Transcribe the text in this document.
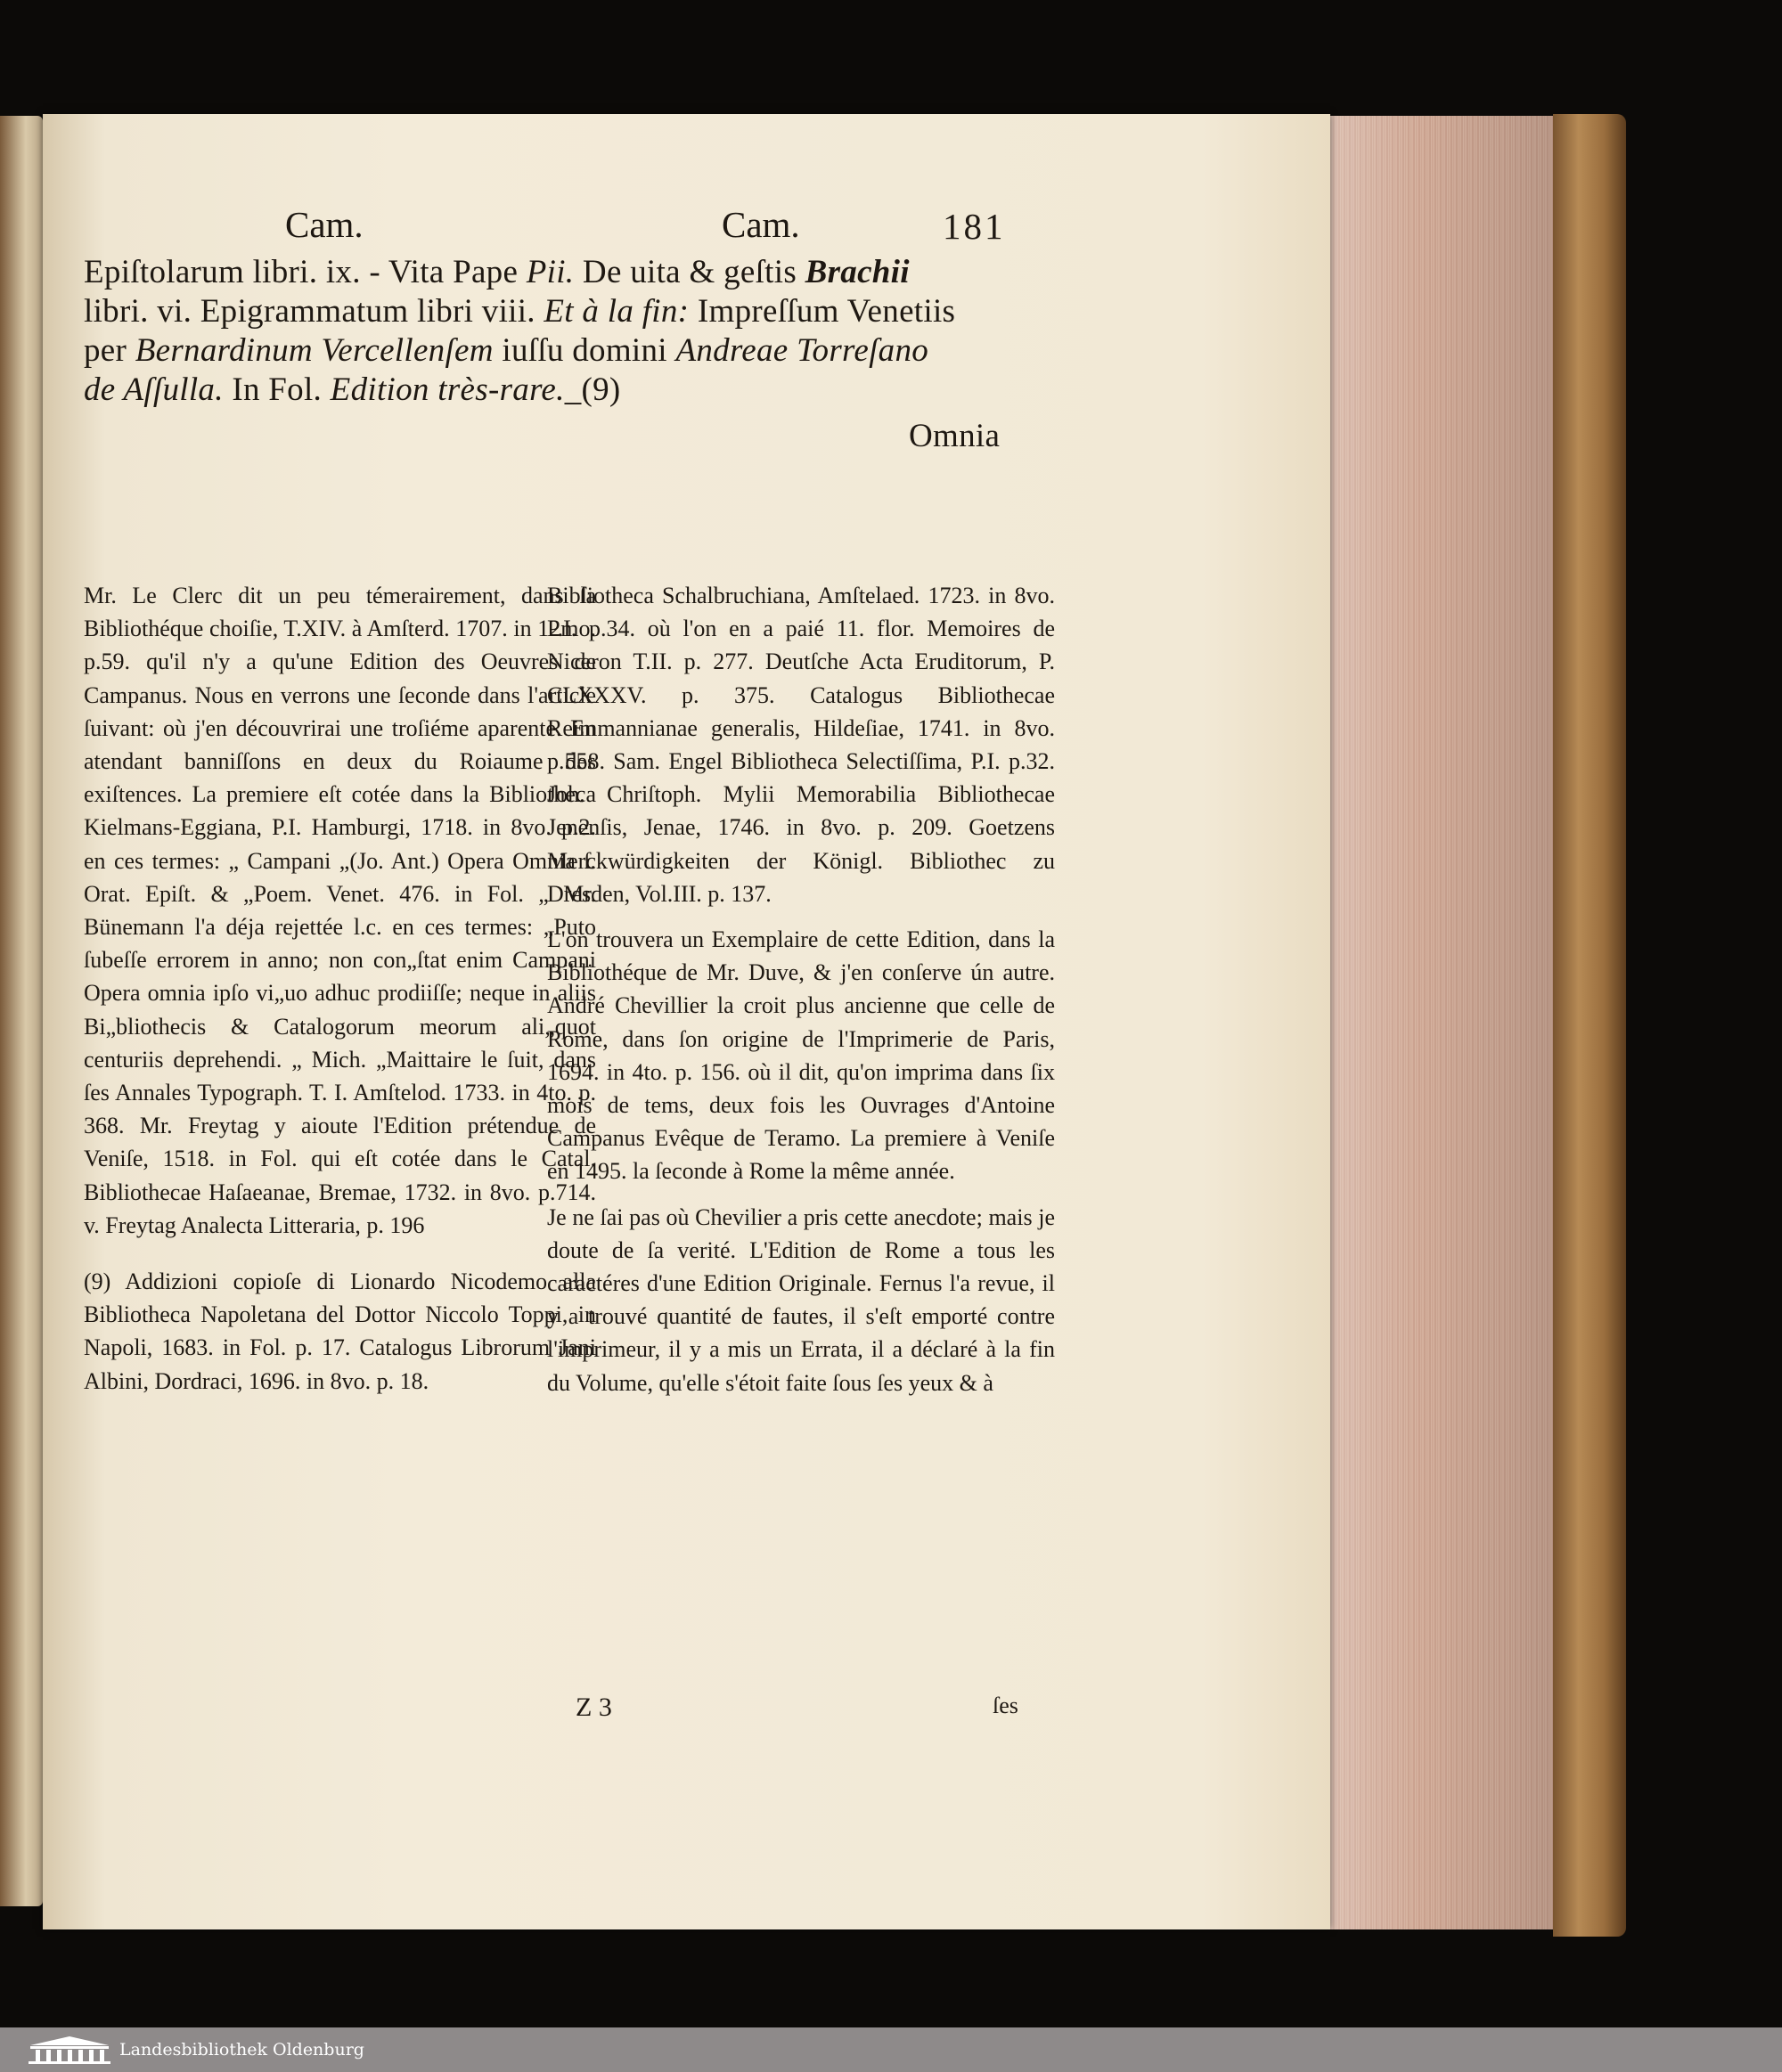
Cam.	Cam.	181
Epiſtolarum libri. ix. - Vita Pape Pii. De uita & geſtis Brachii
libri. vi. Epigrammatum libri viii. Et à la fin: Impreſſum Venetiis
per Bernardinum Vercellenſem iuſſu domini Andreae Torreſano
de Aſſulla. In Fol. Edition très-rare._(9)
Omnia

Mr. Le Clerc dit un peu témerairement, dans ſa Bibliothéque choiſie, T.XIV. à Amſterd. 1707. in 12mo. p.59. qu'il n'y a qu'une Edition des Oeuvres de Campanus. Nous en verrons une ſeconde dans l'article ſuivant: où j'en découvrirai une troſiéme aparente. En atendant banniſſons en deux du Roiaume des exiſtences. La premiere eſt cotée dans la Bibliotheca Kielmans-Eggiana, P.I. Hamburgi, 1718. in 8vo. p.2. en ces termes: „ Campani „(Jo. Ant.) Opera Omnia ſ. Orat. Epiſt. & „Poem. Venet. 476. in Fol. „ Mr. Bünemann l'a déja rejettée l.c. en ces termes: „Puto ſubeſſe errorem in anno; non con„ſtat enim Campani Opera omnia ipſo vi„uo adhuc prodiiſſe; neque in aliis Bi„bliothecis & Catalogorum meorum ali„quot centuriis deprehendi. „ Mich. „Maittaire le ſuit, dans ſes Annales Typograph. T. I. Amſtelod. 1733. in 4to. p. 368. Mr. Freytag y aioute l'Edition prétendue de Veniſe, 1518. in Fol. qui eſt cotée dans le Catal. Bibliothecae Haſaeanae, Bremae, 1732. in 8vo. p.714. v. Freytag Analecta Litteraria, p. 196

(9) Addizioni copioſe di Lionardo Nicodemo alla Bibliotheca Napoletana del Dottor Niccolo Toppi, in Napoli, 1683. in Fol. p. 17. Catalogus Librorum Jani Albini, Dordraci, 1696. in 8vo. p. 18.

Bibliotheca Schalbruchiana, Amſtelaed. 1723. in 8vo. P.I. p.34. où l'on en a paié 11. flor. Memoires de Niceron T.II. p. 277. Deutſche Acta Eruditorum, P. CLXXXV. p. 375. Catalogus Bibliothecae Reimmannianae generalis, Hildeſiae, 1741. in 8vo. p.558. Sam. Engel Bibliotheca Selectiſſima, P.I. p.32. Joh. Chriſtoph. Mylii Memorabilia Bibliothecae Jenenſis, Jenae, 1746. in 8vo. p. 209. Goetzens Merckwürdigkeiten der Königl. Bibliothec zu Dresden, Vol.III. p. 137.

L'on trouvera un Exemplaire de cette Edition, dans la Bibliothéque de Mr. Duve, & j'en conſerve ún autre. André Chevillier la croit plus ancienne que celle de Rome, dans ſon origine de l'Imprimerie de Paris, 1694. in 4to. p. 156. où il dit, qu'on imprima dans ſix mois de tems, deux fois les Ouvrages d'Antoine Campanus Evêque de Teramo. La premiere à Veniſe en 1495. la ſeconde à Rome la même année.

Je ne ſai pas où Chevilier a pris cette anecdote; mais je doute de ſa verité. L'Edition de Rome a tous les caractéres d'une Edition Originale. Fernus l'a revue, il y a trouvé quantité de fautes, il s'eſt emporté contre l'imprimeur, il y a mis un Errata, il a déclaré à la fin du Volume, qu'elle s'étoit faite ſous ſes yeux & à

Z 3	ſes
Landesbibliothek Oldenburg
